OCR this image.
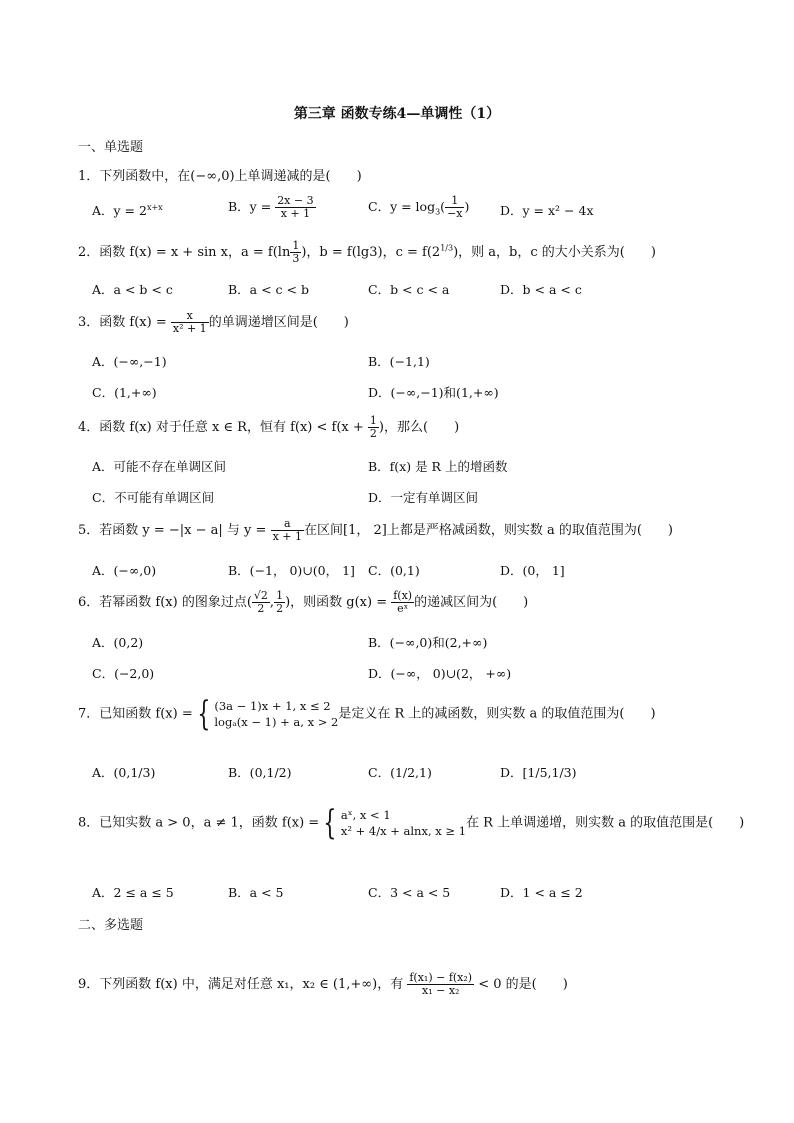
第三章 函数专练4—单调性（1）
一、单选题
1．下列函数中，在(−∞,0)上单调递减的是(　　)
A．$y = 2^{x+x}$	B．$y = \frac{2x - 3}{x + 1}$	C．$y = \log_3( \frac{1}{-x}$ ) D．y = x² − 4x
2．函数 f(x) = x + sin x，$a = f(\ln \frac{1}{3}$ )，b = f(lg3)，$c = f(2^{1/3})$，则 a，b，c 的大小关系为(　　)
A．a < b < c	B．a < c < b	C．b < c < a	D．b < a < c
3．函数 $f(x) = \frac{x}{\text{x² + 1}}$ 的单调递增区间是(　　)
A．(−∞,−1)	B．(−1,1)
C．(1,+∞)	D．(−∞,−1)和(1,+∞)
4．函数 f(x) 对于任意 x ∈ R，恒有 $f(x) < f(x + \frac{1}{2}$ )，那么(　　)
A．可能不存在单调区间	B．f(x) 是 R 上的增函数
C．不可能有单调区间	D．一定有单调区间
5．若函数 y = −|x − a| 与 $y = \frac{a}{x + 1}$ 在区间[1， 2]上都是严格减函数，则实数 a 的取值范围为(　　)
A．(−∞,0)	B．(−1， 0)∪(0， 1] C．(0,1)	D．(0， 1]
6．若幂函数 f(x) 的图象过点( $\frac{√2}{2}$ , $\frac{1}{2}$ )，则函数 $g(x) = \frac{f(x)}{\text{eˣ}}$ 的递减区间为(　　)
A．(0,2)	B．(−∞,0)和(2,+∞)
C．(−2,0)	D．(−∞， 0)∪(2， +∞)
7．已知函数 f(x) = { (3a − 1)x + 1, x ≤ 2
logₐ(x − 1) + a, x > 2是定义在 R 上的减函数，则实数 a 的取值范围为(　　)
A．(0,1/3)	B．(0,1/2)	C．(1/2,1)	D．[1/5,1/3)
8．已知实数 a > 0，a ≠ 1，函数 f(x) = { aˣ, x < 1
x² + 4/x + alnx, x ≥ 1在 R 上单调递增，则实数 a 的取值范围是(　　)
A．2 ≤ a ≤ 5	B．a < 5	C．3 < a < 5	D．1 < a ≤ 2
二、多选题
9．下列函数 f(x) 中，满足对任意 x₁，x₂ ∈ (1,+∞)，有 $\frac{\text{f(x₁) − f(x₂)}}{\text{x₁ − x₂}} < 0$ 的是(　　)
